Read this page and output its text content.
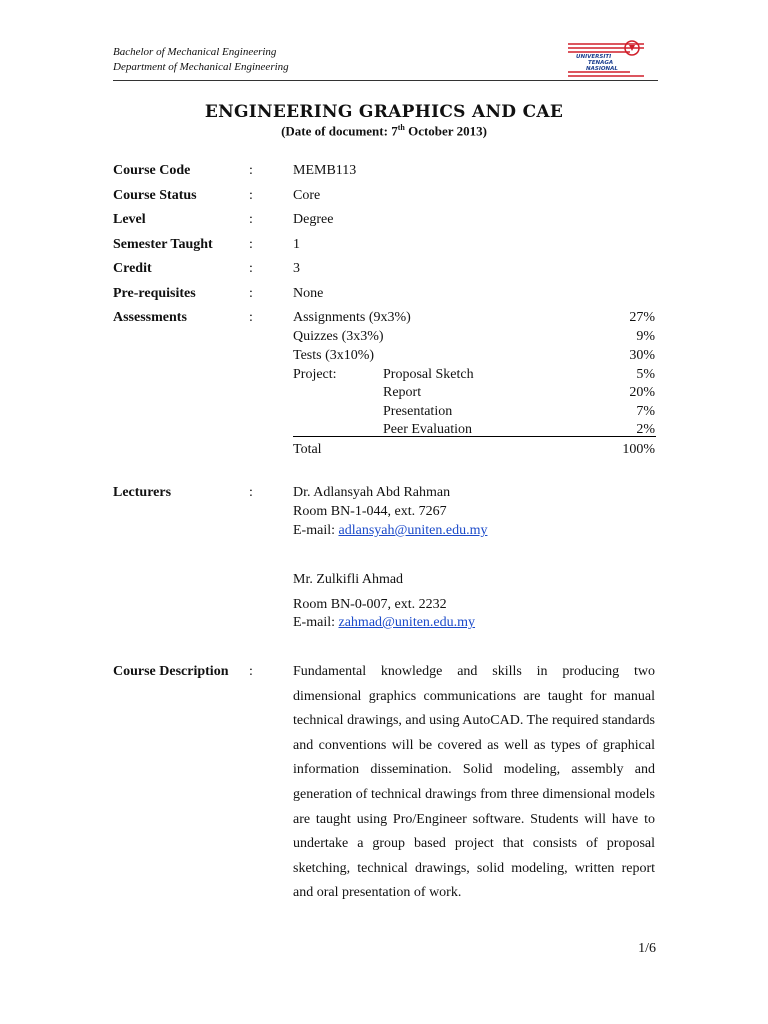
Bachelor of Mechanical Engineering
Department of Mechanical Engineering
UNIVERSITI
TENAGA
NASIONAL
ENGINEERING GRAPHICS AND CAE
(Date of document: 7th October 2013)
Course Code	:	MEMB113
Course Status	:	Core
Level	:	Degree
Semester Taught	:	1
Credit	:	3
Pre-requisites	:	None
Assessments	:	Assignments (9x3%)	27%
Quizzes (3x3%)	9%
Tests (3x10%)	30%
Project:	Proposal Sketch	5%
Report	20%
Presentation	7%
Peer Evaluation	2%
Total	100%
Lecturers	:	Dr. Adlansyah Abd Rahman
Room BN-1-044, ext. 7267
E-mail: adlansyah@uniten.edu.my
Mr. Zulkifli Ahmad
Room BN-0-007, ext. 2232
E-mail: zahmad@uniten.edu.my
Course Description :	Fundamental knowledge and skills in producing two dimensional graphics communications are taught for manual technical drawings, and using AutoCAD. The required standards and conventions will be covered as well as types of graphical information dissemination. Solid modeling, assembly and generation of technical drawings from three dimensional models are taught using Pro/Engineer software. Students will have to undertake a group based project that consists of proposal sketching, technical drawings, solid modeling, written report and oral presentation of work.
1/6
